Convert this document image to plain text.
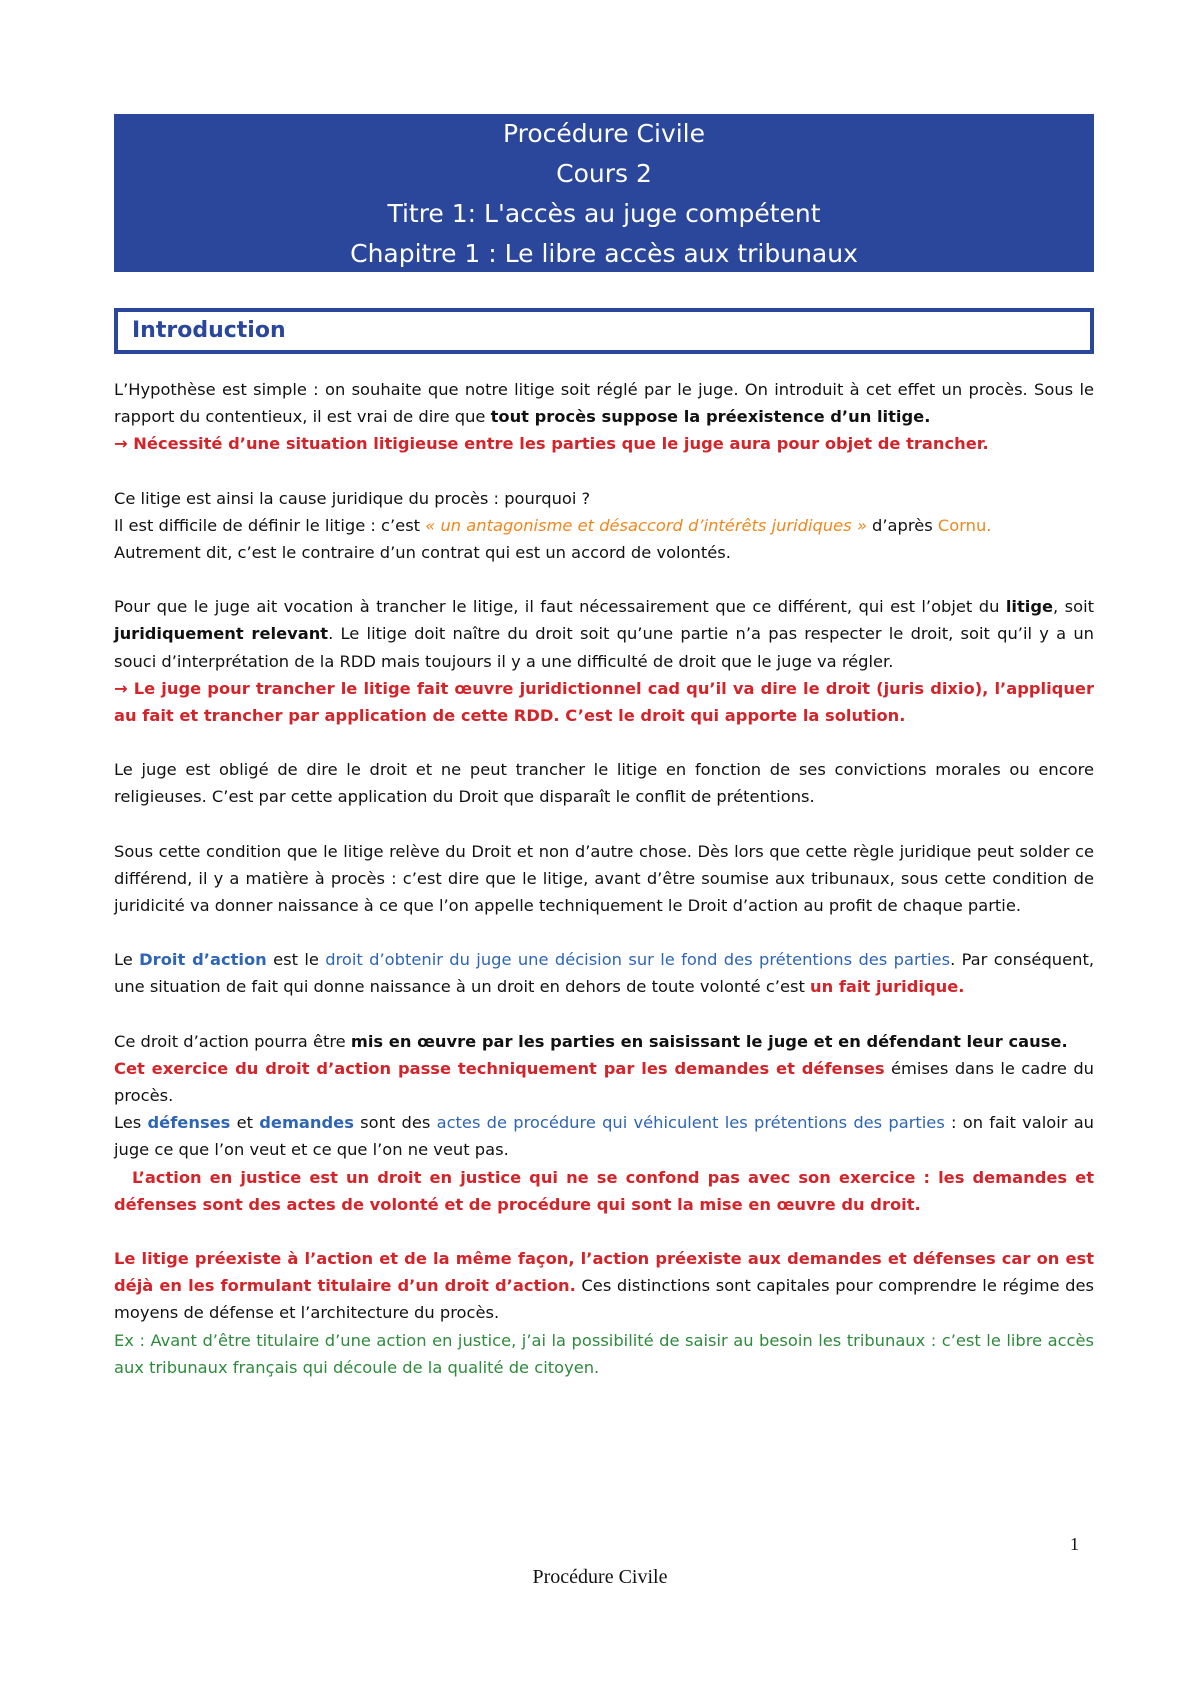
Procédure Civile
Cours 2
Titre 1: L'accès au juge compétent
Chapitre 1 : Le libre accès aux tribunaux
Introduction

L’Hypothèse est simple : on souhaite que notre litige soit réglé par le juge. On introduit à cet effet un procès. Sous le rapport du contentieux, il est vrai de dire que tout procès suppose la préexistence d’un litige.

→ Nécessité d’une situation litigieuse entre les parties que le juge aura pour objet de trancher.

Ce litige est ainsi la cause juridique du procès : pourquoi ?

Il est difficile de définir le litige : c’est « un antagonisme et désaccord d’intérêts juridiques » d’après Cornu.

Autrement dit, c’est le contraire d’un contrat qui est un accord de volontés.

Pour que le juge ait vocation à trancher le litige, il faut nécessairement que ce différent, qui est l’objet du litige, soit juridiquement relevant. Le litige doit naître du droit soit qu’une partie n’a pas respecter le droit, soit qu’il y a un souci d’interprétation de la RDD mais toujours il y a une difficulté de droit que le juge va régler.

→ Le juge pour trancher le litige fait œuvre juridictionnel cad qu’il va dire le droit (juris dixio), l’appliquer au fait et trancher par application de cette RDD. C’est le droit qui apporte la solution.

Le juge est obligé de dire le droit et ne peut trancher le litige en fonction de ses convictions morales ou encore religieuses. C’est par cette application du Droit que disparaît le conflit de prétentions.

Sous cette condition que le litige relève du Droit et non d’autre chose. Dès lors que cette règle juridique peut solder ce différend, il y a matière à procès : c’est dire que le litige, avant d’être soumise aux tribunaux, sous cette condition de juridicité va donner naissance à ce que l’on appelle techniquement le Droit d’action au profit de chaque partie.

Le Droit d’action est le droit d’obtenir du juge une décision sur le fond des prétentions des parties. Par conséquent, une situation de fait qui donne naissance à un droit en dehors de toute volonté c’est un fait juridique.

Ce droit d’action pourra être mis en œuvre par les parties en saisissant le juge et en défendant leur cause.

Cet exercice du droit d’action passe techniquement par les demandes et défenses émises dans le cadre du procès.

Les défenses et demandes sont des actes de procédure qui véhiculent les prétentions des parties : on fait valoir au juge ce que l’on veut et ce que l’on ne veut pas.

L’action en justice est un droit en justice qui ne se confond pas avec son exercice : les demandes et défenses sont des actes de volonté et de procédure qui sont la mise en œuvre du droit.

Le litige préexiste à l’action et de la même façon, l’action préexiste aux demandes et défenses car on est déjà en les formulant titulaire d’un droit d’action. Ces distinctions sont capitales pour comprendre le régime des moyens de défense et l’architecture du procès.

Ex : Avant d’être titulaire d’une action en justice, j’ai la possibilité de saisir au besoin les tribunaux : c’est le libre accès aux tribunaux français qui découle de la qualité de citoyen.

1
Procédure Civile
